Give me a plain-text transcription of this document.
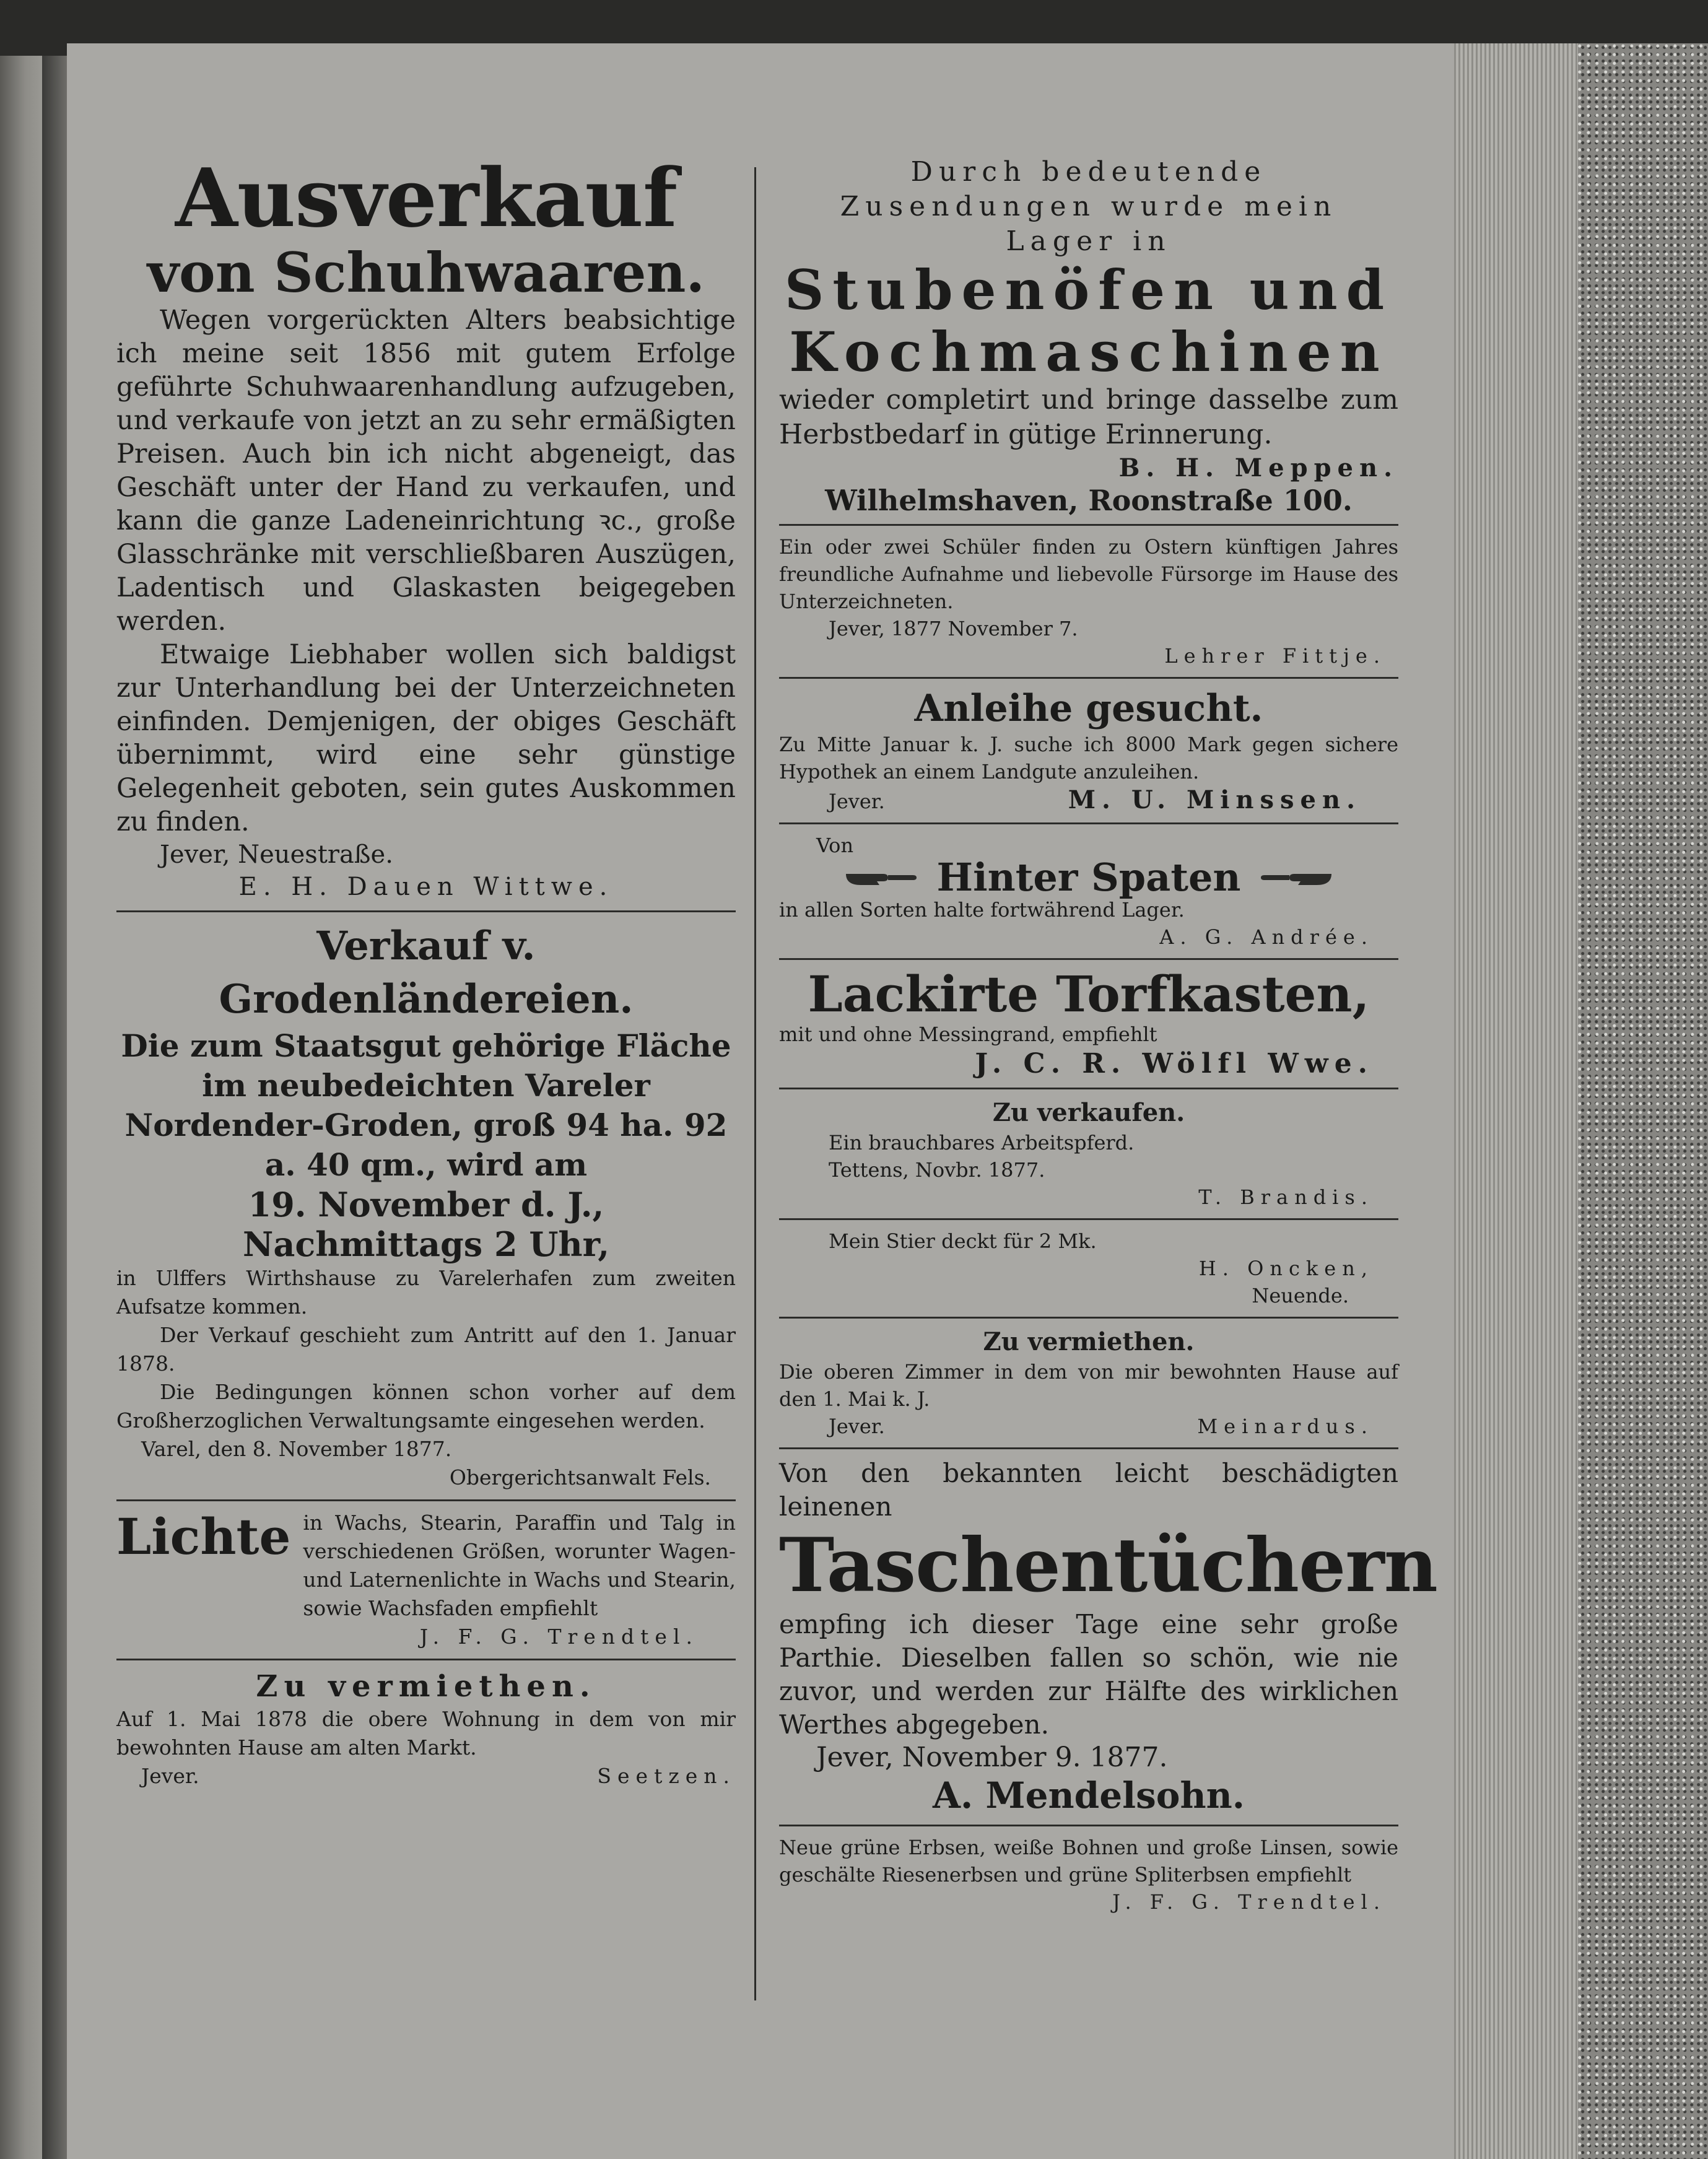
Ausverkauf

von Schuhwaaren.

Wegen vorgerückten Alters beabsichtige ich meine seit 1856 mit gutem Erfolge geführte Schuhwaarenhandlung aufzugeben, und verkaufe von jetzt an zu sehr ermäßigten Preisen. Auch bin ich nicht abgeneigt, das Geschäft unter der Hand zu verkaufen, und kann die ganze Ladeneinrichtung ꝛc., große Glasschränke mit verschließbaren Auszügen, Ladentisch und Glaskasten beigegeben werden.

Etwaige Liebhaber wollen sich baldigst zur Unterhandlung bei der Unterzeichneten einfinden. Demjenigen, der obiges Geschäft übernimmt, wird eine sehr günstige Gelegenheit geboten, sein gutes Auskommen zu finden.

Jever, Neuestraße.

E. H. Dauen Wittwe.

Verkauf v. Grodenländereien.

Die zum Staatsgut gehörige Fläche im neubedeichten Vareler Nordender-Groden, groß 94 ha. 92 a. 40 qm., wird am

19. November d. J.,

Nachmittags 2 Uhr,

in Ulffers Wirthshause zu Varelerhafen zum zweiten Aufsatze kommen.

Der Verkauf geschieht zum Antritt auf den 1. Januar 1878.

Die Bedingungen können schon vorher auf dem Großherzoglichen Verwaltungsamte eingesehen werden.

Varel, den 8. November 1877.

Obergerichtsanwalt Fels.

Lichte in Wachs, Stearin, Paraffin und Talg in verschiedenen Größen, worunter Wagen- und Laternenlichte in Wachs und Stearin, sowie Wachsfaden empfiehlt

J. F. G. Trendtel.

Zu vermiethen.

Auf 1. Mai 1878 die obere Wohnung in dem von mir bewohnten Hause am alten Markt.

Jever.	Seetzen.

Durch bedeutende Zusendungen wurde mein Lager in

Stubenöfen und

Kochmaschinen

wieder completirt und bringe dasselbe zum Herbstbedarf in gütige Erinnerung.

B. H. Meppen.

Wilhelmshaven, Roonstraße 100.

Ein oder zwei Schüler finden zu Ostern künftigen Jahres freundliche Aufnahme und liebevolle Fürsorge im Hause des Unterzeichneten.

Jever, 1877 November 7.

Lehrer Fittje.

Anleihe gesucht.

Zu Mitte Januar k. J. suche ich 8000 Mark gegen sichere Hypothek an einem Landgute anzuleihen.

Jever.	M. U. Minssen.

Von

Hinter Spaten

in allen Sorten halte fortwährend Lager.

A. G. Andrée.

Lackirte Torfkasten,

mit und ohne Messingrand, empfiehlt

J. C. R. Wölfl Wwe.

Zu verkaufen.

Ein brauchbares Arbeitspferd.

Tettens, Novbr. 1877.

T. Brandis.

Mein Stier deckt für 2 Mk.

H. Oncken,

Neuende.

Zu vermiethen.

Die oberen Zimmer in dem von mir bewohnten Hause auf den 1. Mai k. J.

Jever.	Meinardus.

Von den bekannten leicht beschädigten leinenen

Taschentüchern

empfing ich dieser Tage eine sehr große Parthie. Dieselben fallen so schön, wie nie zuvor, und werden zur Hälfte des wirklichen Werthes abgegeben.

Jever, November 9. 1877.

A. Mendelsohn.

Neue grüne Erbsen, weiße Bohnen und große Linsen, sowie geschälte Riesenerbsen und grüne Spliterbsen empfiehlt

J. F. G. Trendtel.
